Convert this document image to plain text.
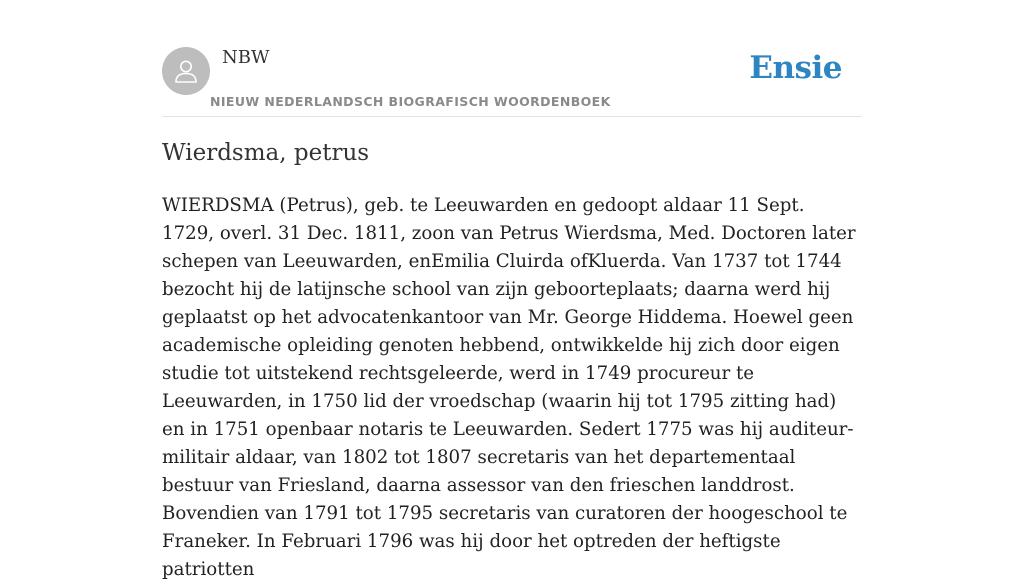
NBW
NIEUW NEDERLANDSCH BIOGRAFISCH WOORDENBOEK
Ensie
Wierdsma, petrus

WIERDSMA (Petrus), geb. te Leeuwarden en gedoopt aldaar 11 Sept. 1729, overl. 31 Dec. 1811, zoon van Petrus Wierdsma, Med. Doctoren later schepen van Leeuwarden, enEmilia Cluirda ofKluerda. Van 1737 tot 1744 bezocht hij de latijnsche school van zijn geboorteplaats; daarna werd hij geplaatst op het advocatenkantoor van Mr. George Hiddema. Hoewel geen academische opleiding genoten hebbend, ontwikkelde hij zich door eigen studie tot uitstekend rechtsgeleerde, werd in 1749 procureur te Leeuwarden, in 1750 lid der vroedschap (waarin hij tot 1795 zitting had) en in 1751 openbaar notaris te Leeuwarden. Sedert 1775 was hij auditeur-militair aldaar, van 1802 tot 1807 secretaris van het departementaal bestuur van Friesland, daarna assessor van den frieschen landdrost. Bovendien van 1791 tot 1795 secretaris van curatoren der hoogeschool te Franeker. In Februari 1796 was hij door het optreden der heftigste patriotten
